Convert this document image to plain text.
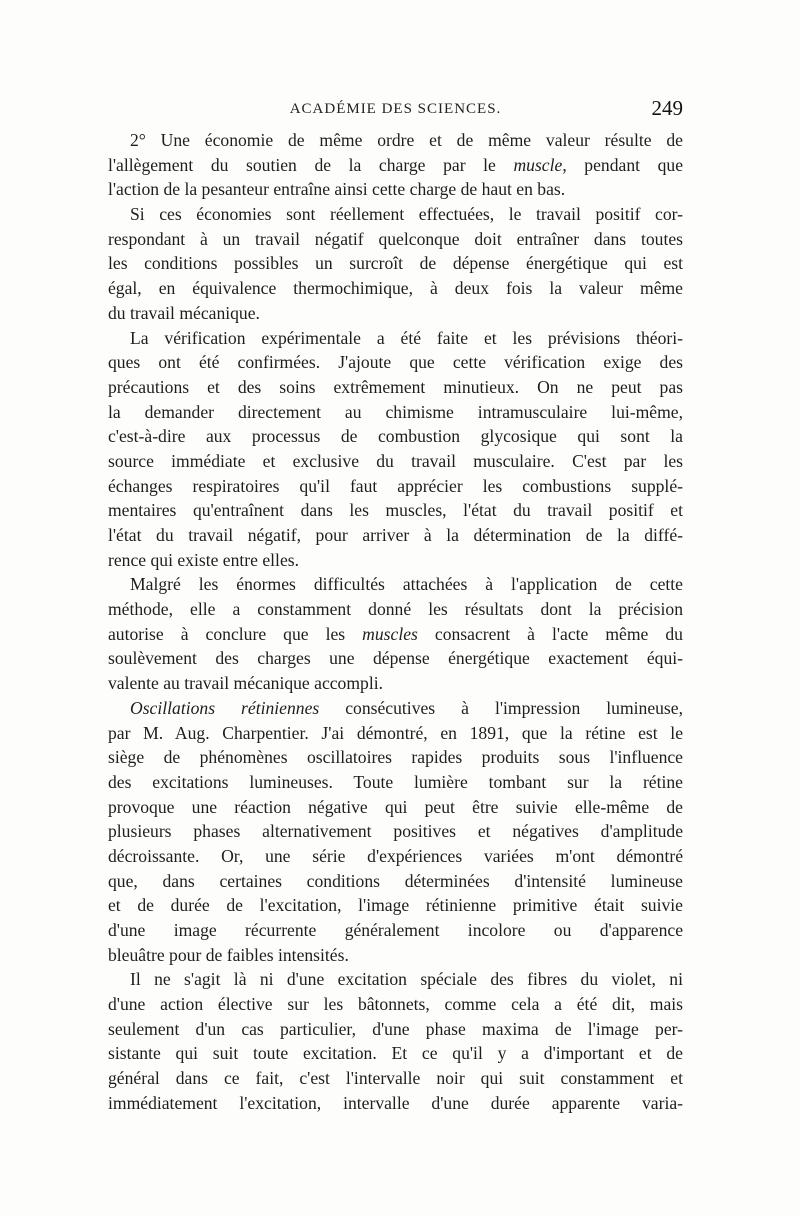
ACADÉMIE DES SCIENCES.	249
2° Une économie de même ordre et de même valeur résulte de
l'allègement du soutien de la charge par le muscle, pendant que
l'action de la pesanteur entraîne ainsi cette charge de haut en bas.
Si ces économies sont réellement effectuées, le travail positif cor-
respondant à un travail négatif quelconque doit entraîner dans toutes
les conditions possibles un surcroît de dépense énergétique qui est
égal, en équivalence thermochimique, à deux fois la valeur même
du travail mécanique.
La vérification expérimentale a été faite et les prévisions théori-
ques ont été confirmées. J'ajoute que cette vérification exige des
précautions et des soins extrêmement minutieux. On ne peut pas
la demander directement au chimisme intramusculaire lui-même,
c'est-à-dire aux processus de combustion glycosique qui sont la
source immédiate et exclusive du travail musculaire. C'est par les
échanges respiratoires qu'il faut apprécier les combustions supplé-
mentaires qu'entraînent dans les muscles, l'état du travail positif et
l'état du travail négatif, pour arriver à la détermination de la diffé-
rence qui existe entre elles.
Malgré les énormes difficultés attachées à l'application de cette
méthode, elle a constamment donné les résultats dont la précision
autorise à conclure que les muscles consacrent à l'acte même du
soulèvement des charges une dépense énergétique exactement équi-
valente au travail mécanique accompli.
Oscillations rétiniennes consécutives à l'impression lumineuse,
par M. Aug. Charpentier. J'ai démontré, en 1891, que la rétine est le
siège de phénomènes oscillatoires rapides produits sous l'influence
des excitations lumineuses. Toute lumière tombant sur la rétine
provoque une réaction négative qui peut être suivie elle-même de
plusieurs phases alternativement positives et négatives d'amplitude
décroissante. Or, une série d'expériences variées m'ont démontré
que, dans certaines conditions déterminées d'intensité lumineuse
et de durée de l'excitation, l'image rétinienne primitive était suivie
d'une image récurrente généralement incolore ou d'apparence
bleuâtre pour de faibles intensités.
Il ne s'agit là ni d'une excitation spéciale des fibres du violet, ni
d'une action élective sur les bâtonnets, comme cela a été dit, mais
seulement d'un cas particulier, d'une phase maxima de l'image per-
sistante qui suit toute excitation. Et ce qu'il y a d'important et de
général dans ce fait, c'est l'intervalle noir qui suit constamment et
immédiatement l'excitation, intervalle d'une durée apparente varia-
